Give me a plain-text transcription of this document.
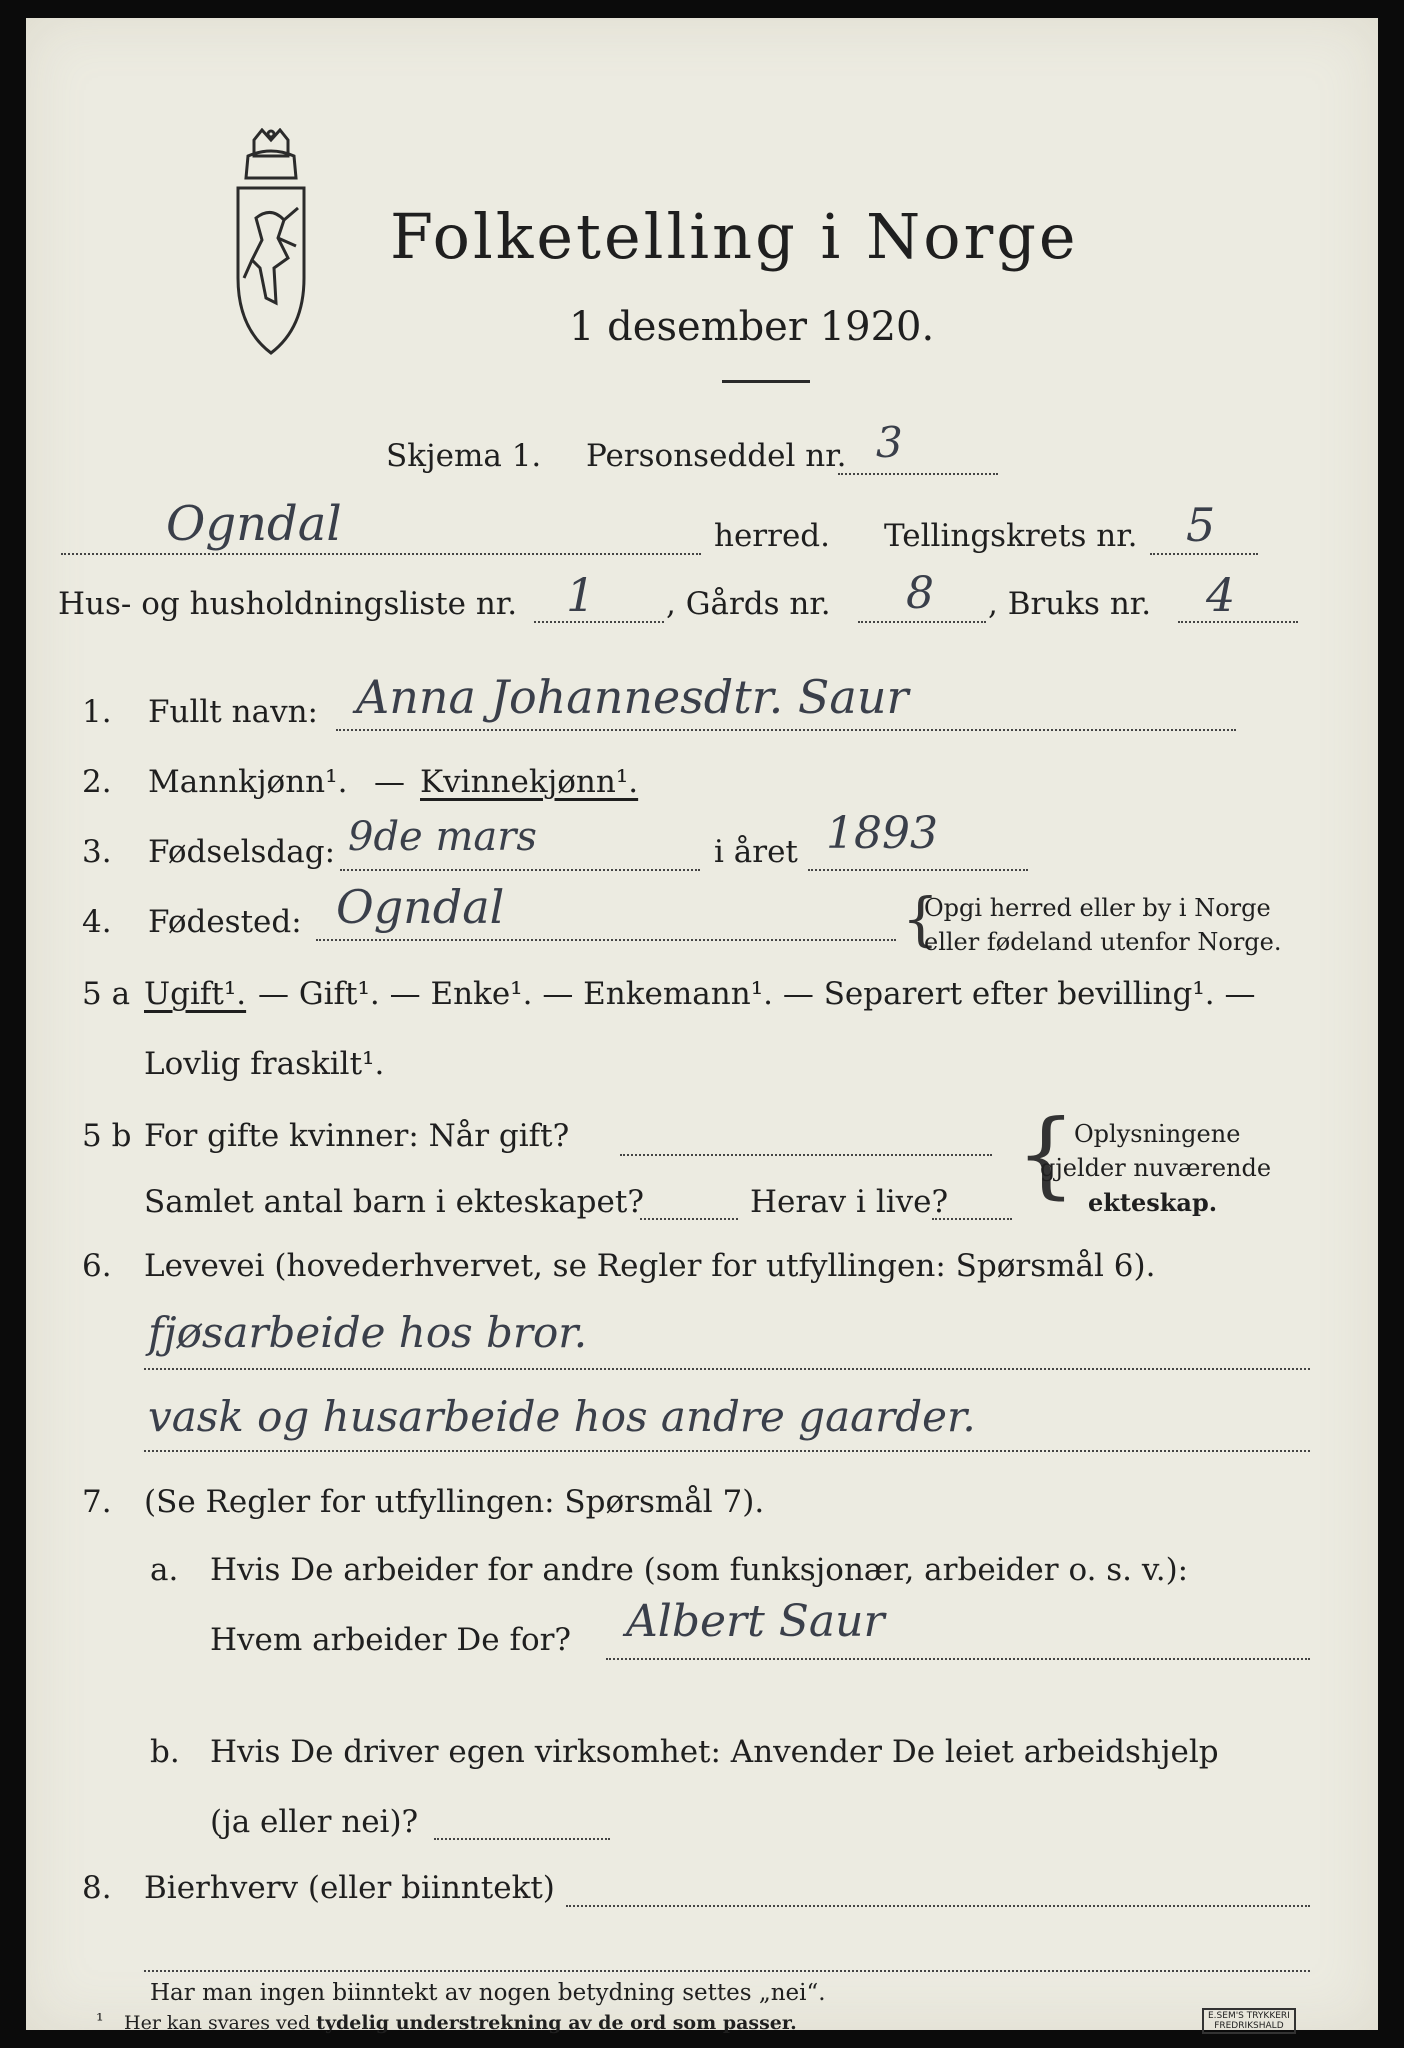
Folketelling i Norge
1 desember 1920.
Skjema 1. Personseddel nr. 3
Ogndal	herred. Tellingskrets nr. 5
Hus- og husholdningsliste nr. 1 , Gårds nr. 8 , Bruks nr. 4
1. Fullt navn: Anna Johannesdtr. Saur
2. Mannkjønn¹. — Kvinnekjønn¹.
3. Fødselsdag: 9de mars	i året 1893
4. Fødested: Ogndal	{
Opgi herred eller by i Norge
eller fødeland utenfor Norge.
5 a Ugift¹. — Gift¹. — Enke¹. — Enkemann¹. — Separert efter bevilling¹. —
Lovlig fraskilt¹.
5 b For gifte kvinner: Når gift?
Samlet antal barn i ekteskapet?	Herav i live? {
Oplysningene
gjelder nuværende
ekteskap.
6. Levevei (hovederhvervet, se Regler for utfyllingen: Spørsmål 6).
fjøsarbeide hos bror.
vask og husarbeide hos andre gaarder.
7. (Se Regler for utfyllingen: Spørsmål 7).
a. Hvis De arbeider for andre (som funksjonær, arbeider o. s. v.):
Hvem arbeider De for? Albert Saur
b. Hvis De driver egen virksomhet: Anvender De leiet arbeidshjelp
(ja eller nei)?
8. Bierhverv (eller biinntekt)
Har man ingen biinntekt av nogen betydning settes „nei“.
¹ Her kan svares ved tydelig understrekning av de ord som passer.	E.SEM'S TRYKKERI
FREDRIKSHALD
